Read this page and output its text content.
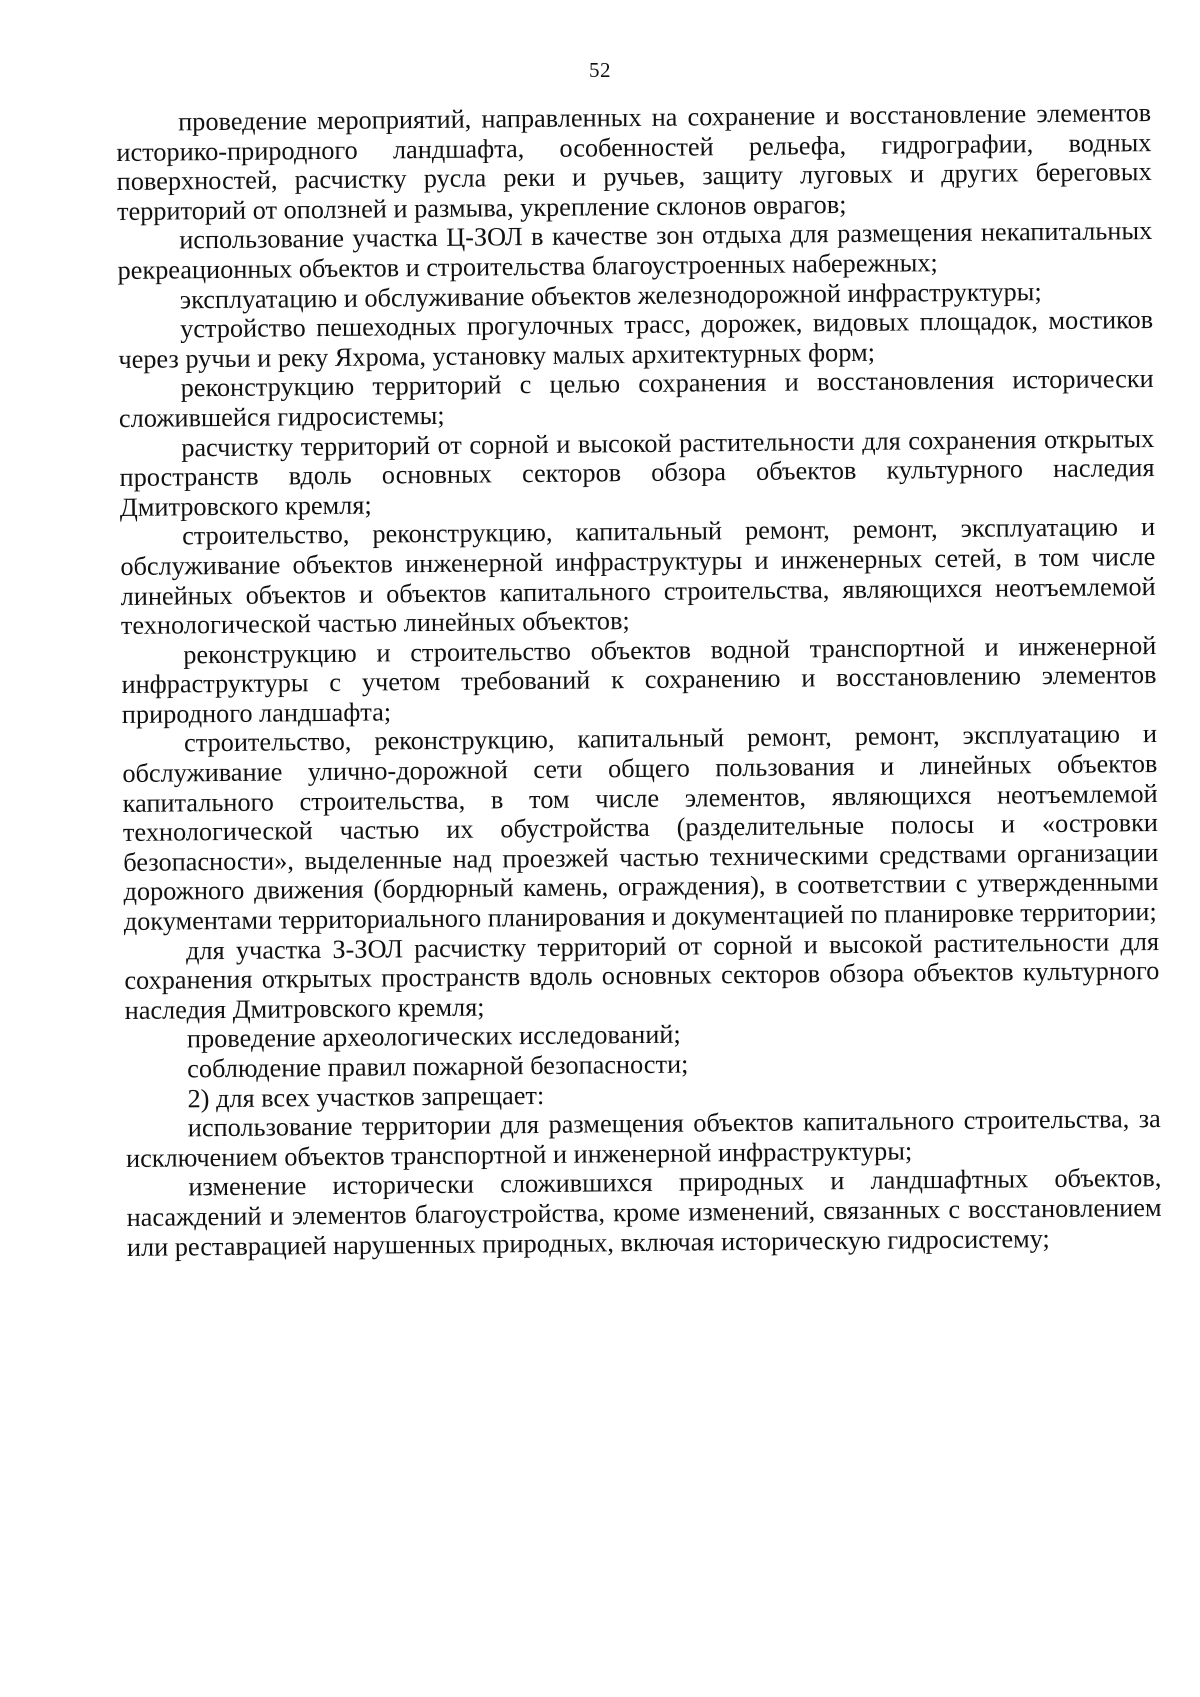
52

проведение мероприятий, направленных на сохранение и восстановление элементов историко-природного ландшафта, особенностей рельефа, гидрографии, водных поверхностей, расчистку русла реки и ручьев, защиту луговых и других береговых территорий от оползней и размыва, укрепление склонов оврагов;

использование участка Ц-ЗОЛ в качестве зон отдыха для размещения некапитальных рекреационных объектов и строительства благоустроенных набережных;

эксплуатацию и обслуживание объектов железнодорожной инфраструктуры;

устройство пешеходных прогулочных трасс, дорожек, видовых площадок, мостиков через ручьи и реку Яхрома, установку малых архитектурных форм;

реконструкцию территорий с целью сохранения и восстановления исторически сложившейся гидросистемы;

расчистку территорий от сорной и высокой растительности для сохранения открытых пространств вдоль основных секторов обзора объектов культурного наследия Дмитровского кремля;

строительство, реконструкцию, капитальный ремонт, ремонт, эксплуатацию и обслуживание объектов инженерной инфраструктуры и инженерных сетей, в том числе линейных объектов и объектов капитального строительства, являющихся неотъемлемой технологической частью линейных объектов;

реконструкцию и строительство объектов водной транспортной и инженерной инфраструктуры с учетом требований к сохранению и восстановлению элементов природного ландшафта;

строительство, реконструкцию, капитальный ремонт, ремонт, эксплуатацию и обслуживание улично-дорожной сети общего пользования и линейных объектов капитального строительства, в том числе элементов, являющихся неотъемлемой технологической частью их обустройства (разделительные полосы и «островки безопасности», выделенные над проезжей частью техническими средствами организации дорожного движения (бордюрный камень, ограждения), в соответствии с утвержденными документами территориального планирования и документацией по планировке территории;

для участка З-ЗОЛ расчистку территорий от сорной и высокой растительности для сохранения открытых пространств вдоль основных секторов обзора объектов культурного наследия Дмитровского кремля;

проведение археологических исследований;

соблюдение правил пожарной безопасности;

2) для всех участков запрещает:

использование территории для размещения объектов капитального строительства, за исключением объектов транспортной и инженерной инфраструктуры;

изменение исторически сложившихся природных и ландшафтных объектов, насаждений и элементов благоустройства, кроме изменений, связанных с восстановлением или реставрацией нарушенных природных, включая историческую гидросистему;
